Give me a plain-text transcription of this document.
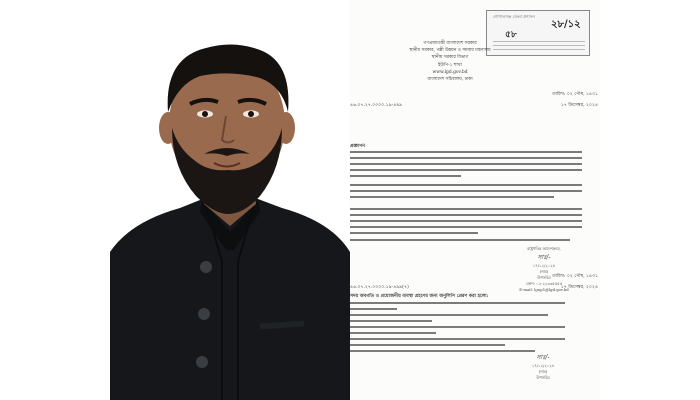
গোপালগঞ্জ জেলা প্রশাসন
৫৮
২৮/১২
গণপ্রজাতন্ত্রী বাংলাদেশ সরকার
স্থানীয় সরকার, পল্লী উন্নয়ন ও সমবায় মন্ত্রণালয়
স্থানীয় সরকার বিভাগ
ইউপি-১ শাখা
www.lgd.gov.bd
বাংলাদেশ সচিবালয়, ঢাকা
৪৬.০৭.২৭.০০০০.১৯-৪৯৯
তারিখ: ০২ পৌষ, ১৪৩১
১৭ ডিসেম্বর, ২০২৪
প্রজ্ঞাপন
রাষ্ট্রপতির আদেশক্রমে,
সাঃ/-
১৭/১২/২০২৪
(নাম)
উপসচিব
ফোন: ০২-২২৩৩৫৫৫৫
E-mail: lgup1@lgd.gov.bd
৪৬.০৭.২৭.০০০০.১৯-৪৯৯(৭)
তারিখ: ০২ পৌষ, ১৪৩১
১৭ ডিসেম্বর, ২০২৪
সদয় অবগতি ও প্রয়োজনীয় ব্যবস্থা গ্রহণের জন্য অনুলিপি প্রেরণ করা হলো:
সাঃ/-
১৭/১২/২০২৪
(নাম)
উপসচিব
